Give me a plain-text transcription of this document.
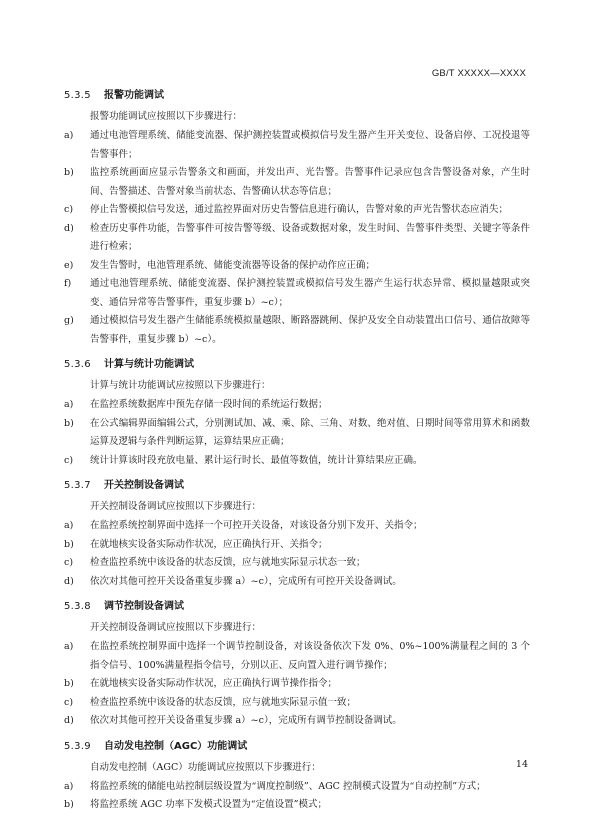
GB/T XXXXX—XXXX
5.3.5	报警功能调试
报警功能调试应按照以下步骤进行：
a)	通过电池管理系统、储能变流器、保护测控装置或模拟信号发生器产生开关变位、设备启停、工况投退等告警事件；
b)	监控系统画面应显示告警条文和画面，并发出声、光告警。告警事件记录应包含告警设备对象，产生时间、告警描述、告警对象当前状态、告警确认状态等信息；
c)	停止告警模拟信号发送，通过监控界面对历史告警信息进行确认，告警对象的声光告警状态应消失；
d)	检查历史事件功能，告警事件可按告警等级、设备或数据对象，发生时间、告警事件类型、关键字等条件进行检索；
e)	发生告警时，电池管理系统、储能变流器等设备的保护动作应正确；
f)	通过电池管理系统、储能变流器、保护测控装置或模拟信号发生器产生运行状态异常、模拟量越限或突变、通信异常等告警事件，重复步骤 b）~c）；
g)	通过模拟信号发生器产生储能系统模拟量越限、断路器跳闸、保护及安全自动装置出口信号、通信故障等告警事件，重复步骤 b）~c）。
5.3.6	计算与统计功能调试
计算与统计功能调试应按照以下步骤进行：
a)	在监控系统数据库中预先存储一段时间的系统运行数据；
b)	在公式编辑界面编辑公式，分别测试加、减、乘、除、三角、对数、绝对值、日期时间等常用算术和函数运算及逻辑与条件判断运算，运算结果应正确；
c)	统计计算该时段充放电量、累计运行时长、最值等数值，统计计算结果应正确。
5.3.7	开关控制设备调试
开关控制设备调试应按照以下步骤进行：
a)	在监控系统控制界面中选择一个可控开关设备，对该设备分别下发开、关指令；
b)	在就地核实设备实际动作状况，应正确执行开、关指令；
c)	检查监控系统中该设备的状态反馈，应与就地实际显示状态一致；
d)	依次对其他可控开关设备重复步骤 a）~c），完成所有可控开关设备调试。
5.3.8	调节控制设备调试
开关控制设备调试应按照以下步骤进行：
a)	在监控系统控制界面中选择一个调节控制设备，对该设备依次下发 0%、0%~100%满量程之间的 3 个指令信号、100%满量程指令信号，分别以正、反向置入进行调节操作；
b)	在就地核实设备实际动作状况，应正确执行调节操作指令；
c)	检查监控系统中该设备的状态反馈，应与就地实际显示值一致；
d)	依次对其他可控开关设备重复步骤 a）~c），完成所有调节控制设备调试。
5.3.9	自动发电控制（AGC）功能调试
自动发电控制（AGC）功能调试应按照以下步骤进行：
a)	将监控系统的储能电站控制层级设置为“调度控制级”、AGC 控制模式设置为“自动控制”方式；
b)	将监控系统 AGC 功率下发模式设置为“定值设置”模式；
14
